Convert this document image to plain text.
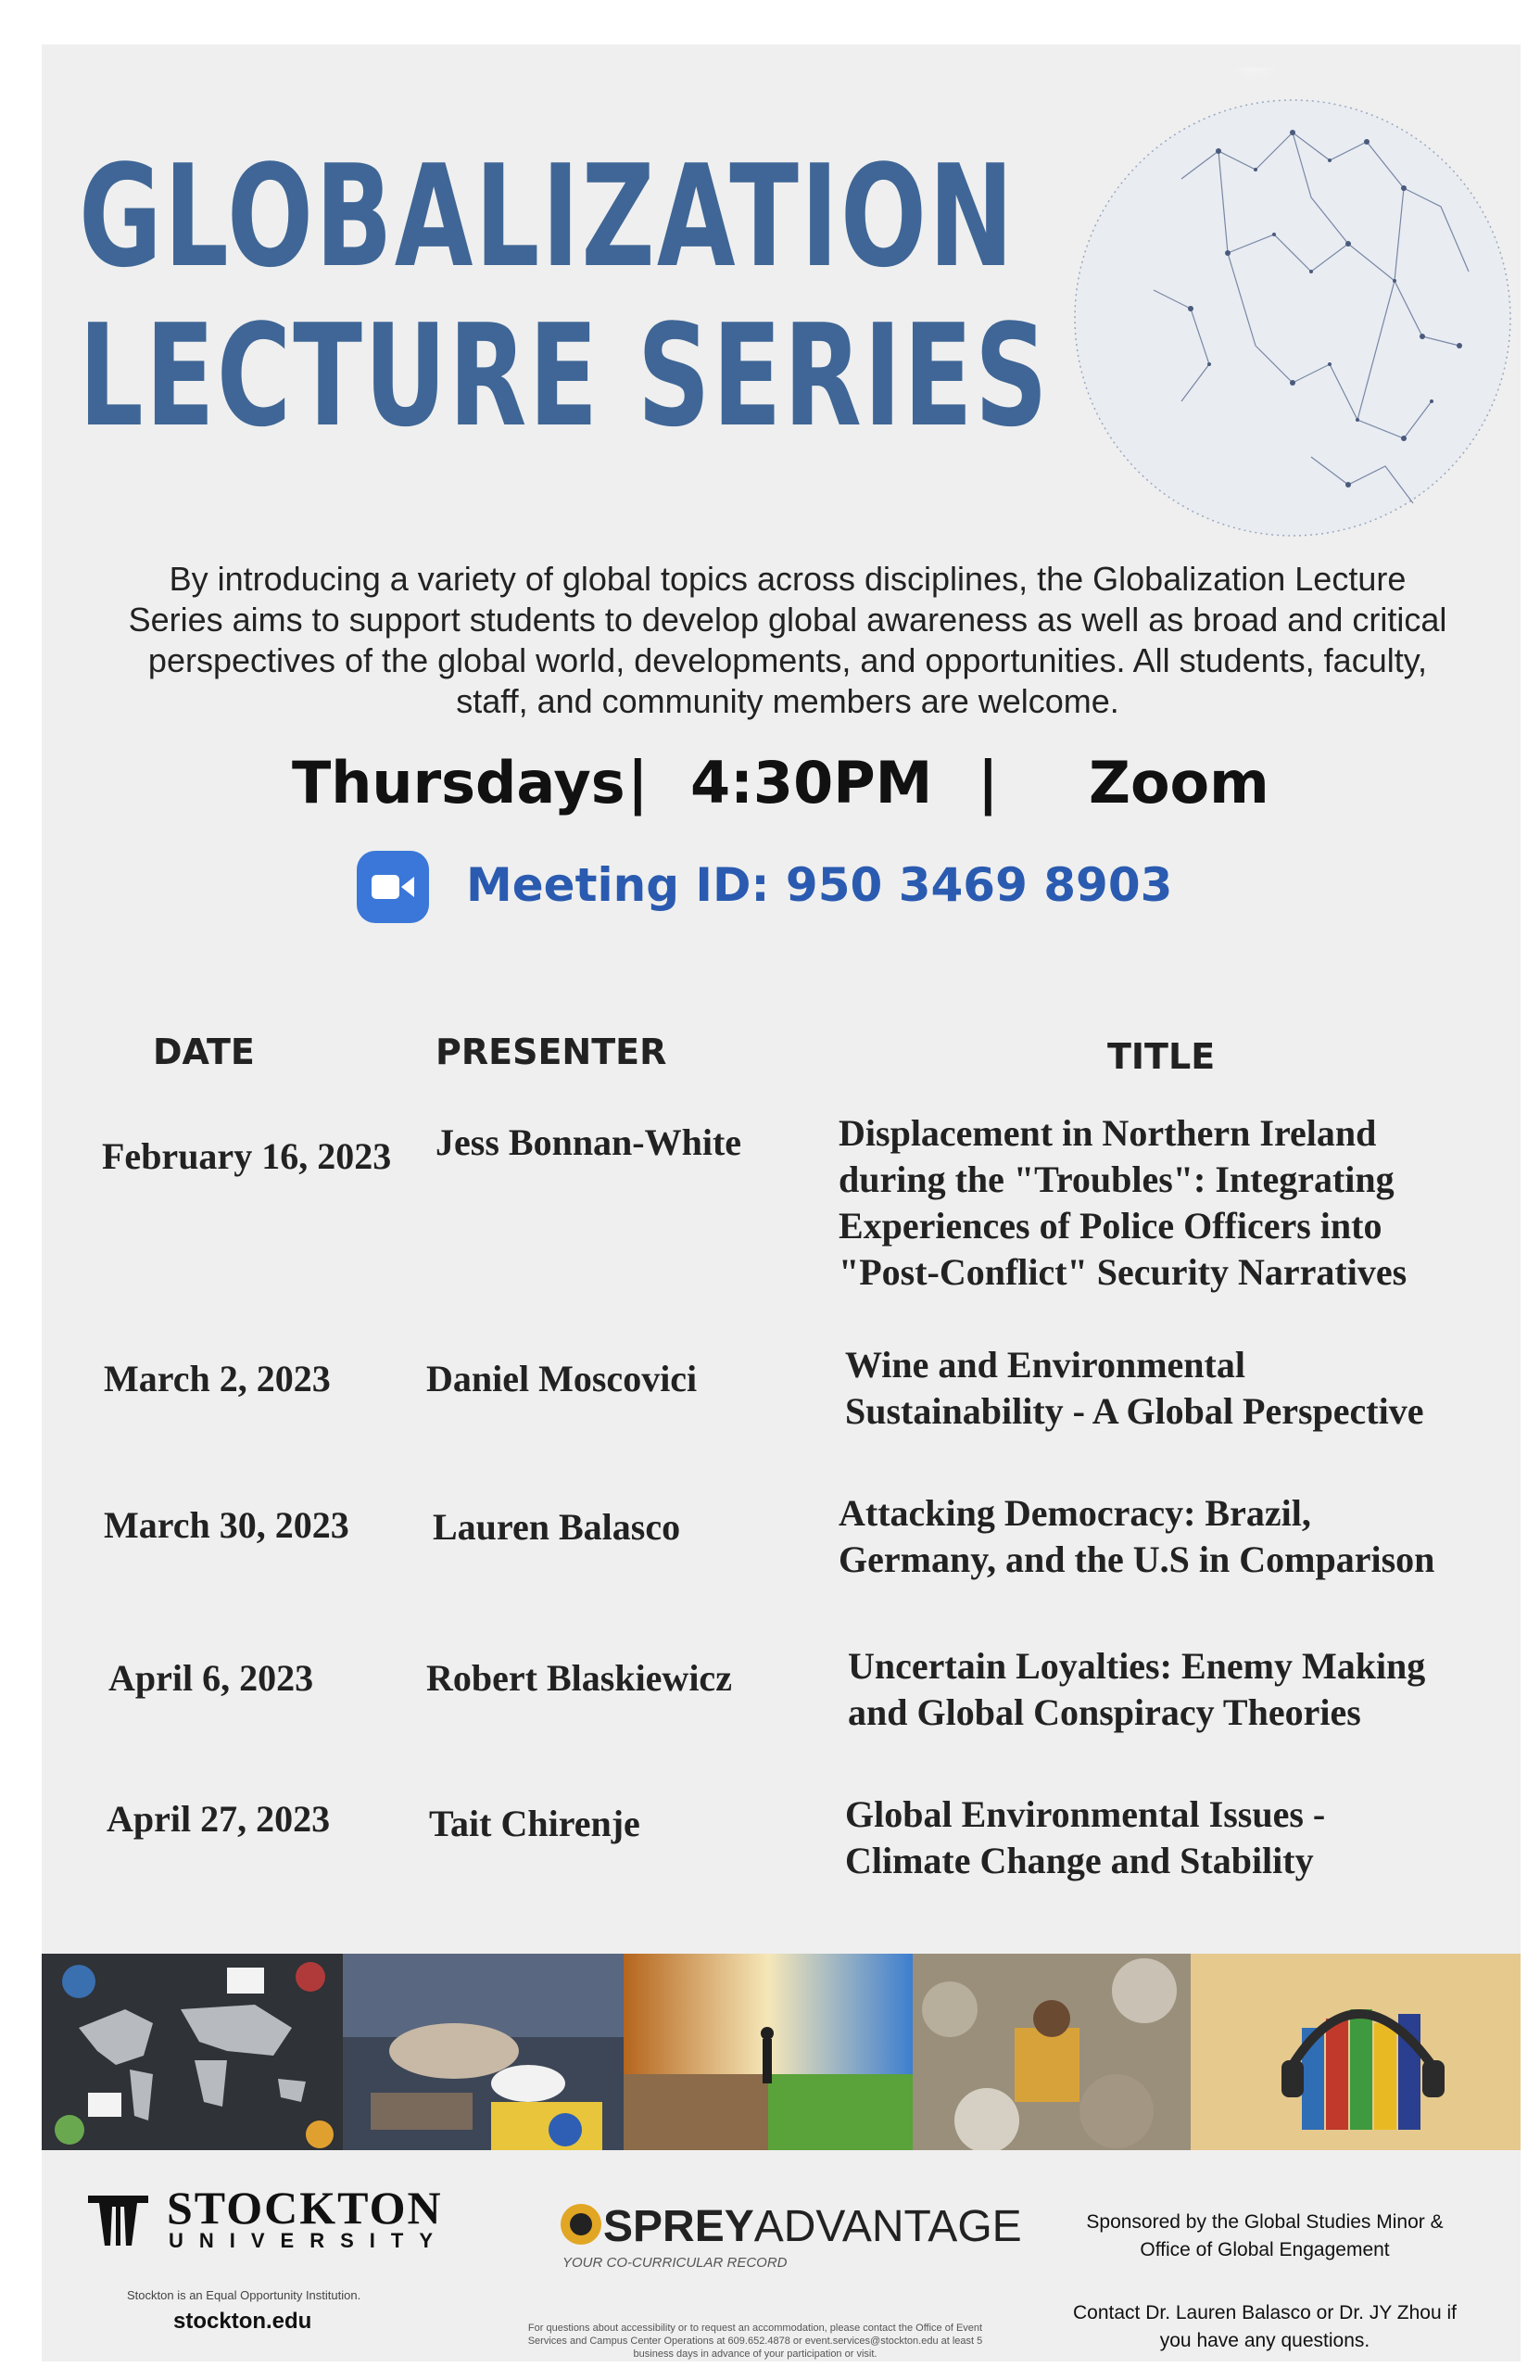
GLOBALIZATION
LECTURE SERIES
By introducing a variety of global topics across disciplines, the Globalization Lecture Series aims to support students to develop global awareness as well as broad and critical perspectives of the global world, developments, and opportunities. All students, faculty, staff, and community members are welcome.
Thursdays | 4:30PM | Zoom
Meeting ID: 950 3469 8903
DATE	PRESENTER	TITLE
February 16, 2023 Jess Bonnan-White	Displacement in Northern Ireland
during the "Troubles": Integrating
Experiences of Police Officers into
"Post-Conflict" Security Narratives
March 2, 2023	Daniel Moscovici	Wine and Environmental
Sustainability - A Global Perspective
March 30, 2023 Lauren Balasco	Attacking Democracy: Brazil,
Germany, and the U.S in Comparison
April 6, 2023	Robert Blaskiewicz	Uncertain Loyalties: Enemy Making
and Global Conspiracy Theories
April 27, 2023	Tait Chirenje	Global Environmental Issues -
Climate Change and Stability
STOCKTON
UNIVERSITY
Stockton is an Equal Opportunity Institution.
stockton.edu
SPREYADVANTAGE
YOUR CO-CURRICULAR RECORD
For questions about accessibility or to request an accommodation, please contact the Office of Event Services and Campus Center Operations at 609.652.4878 or event.services@stockton.edu at least 5 business days in advance of your participation or visit.
Sponsored by the Global Studies Minor & Office of Global Engagement
Contact Dr. Lauren Balasco or Dr. JY Zhou if you have any questions.
